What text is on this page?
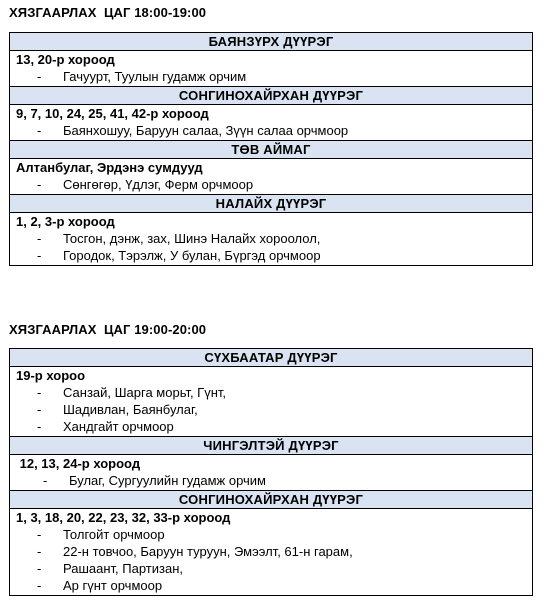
ХЯЗГААРЛАХ  ЦАГ 18:00-19:00
БАЯНЗҮРХ ДҮҮРЭГ
13, 20-р хороод
- Гачуурт, Туулын гудамж орчим
СОНГИНОХАЙРХАН ДҮҮРЭГ
9, 7, 10, 24, 25, 41, 42-р хороод
- Баянхошуу, Баруун салаа, Зүүн салаа орчмоор
ТӨВ АЙМАГ
Алтанбулаг, Эрдэнэ сумдууд
- Сөнгөгөр, Үдлэг, Ферм орчмоор
НАЛАЙХ ДҮҮРЭГ
1, 2, 3-р хороод
- Тосгон, дэнж, зах, Шинэ Налайх хороолол,
- Городок, Тэрэлж, У булан, Бүргэд орчмоор
ХЯЗГААРЛАХ  ЦАГ 19:00-20:00
СҮХБААТАР ДҮҮРЭГ
19-р хороо
- Санзай, Шарга морьт, Гүнт,
- Шадивлан, Баянбулаг,
- Хандгайт орчмоор
ЧИНГЭЛТЭЙ ДҮҮРЭГ
12, 13, 24-р хороод
- Булаг, Сургуулийн гудамж орчим
СОНГИНОХАЙРХАН ДҮҮРЭГ
1, 3, 18, 20, 22, 23, 32, 33-р хороод
- Толгойт орчмоор
- 22-н товчоо, Баруун туруун, Эмээлт, 61-н гарам,
- Рашаант, Партизан,
- Ар гүнт орчмоор
